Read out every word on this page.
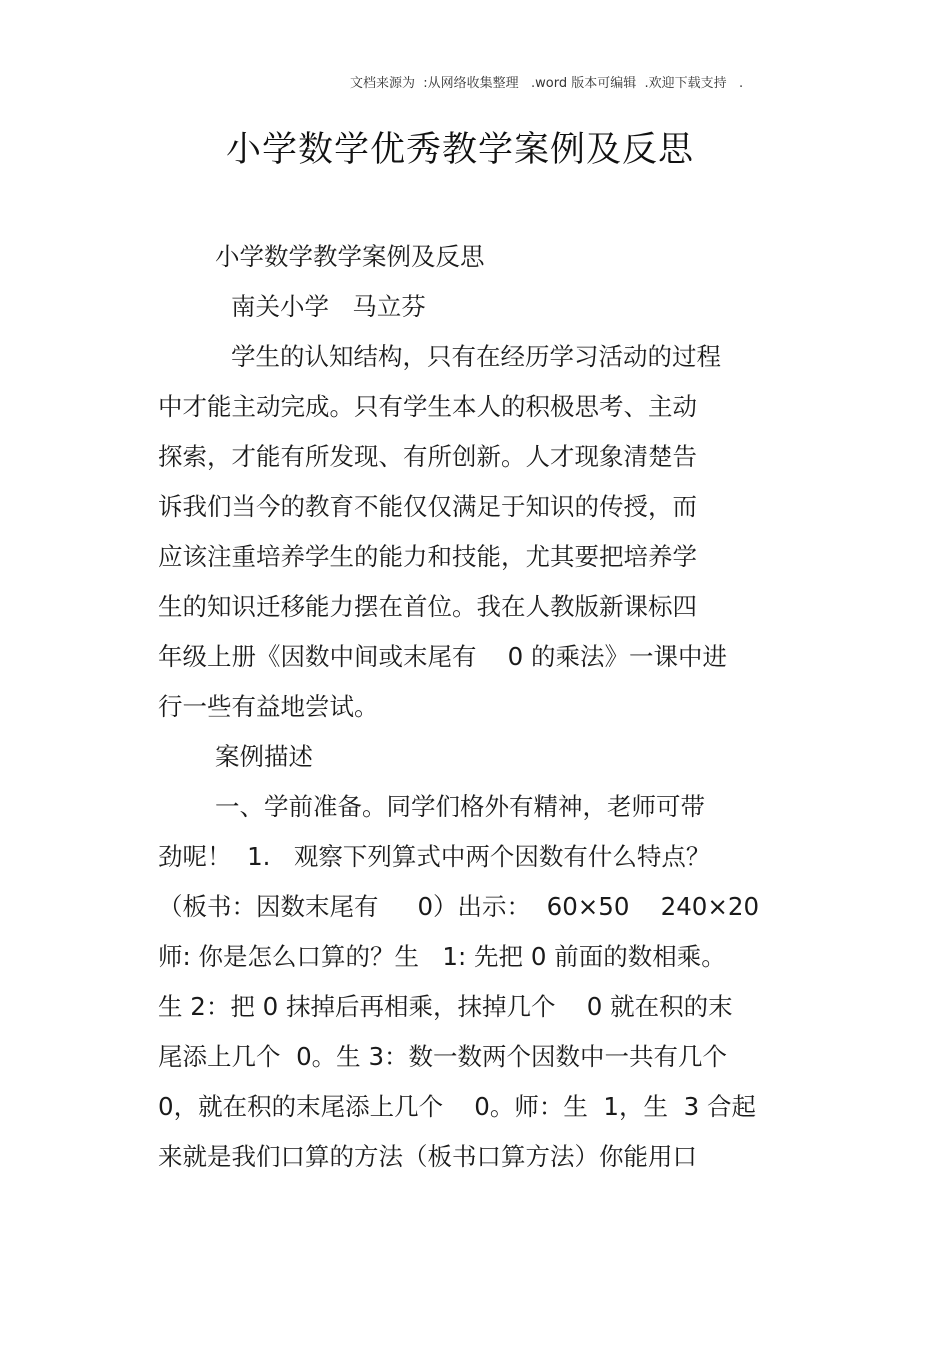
文档来源为  :从网络收集整理   .word 版本可编辑  .欢迎下载支持   .
小学数学优秀教学案例及反思
小学数学教学案例及反思
南关小学   马立芬
学生的认知结构，只有在经历学习活动的过程
中才能主动完成。只有学生本人的积极思考、主动
探索，才能有所发现、有所创新。人才现象清楚告
诉我们当今的教育不能仅仅满足于知识的传授，而
应该注重培养学生的能力和技能，尤其要把培养学
生的知识迁移能力摆在首位。我在人教版新课标四
年级上册《因数中间或末尾有    0 的乘法》一课中进
行一些有益地尝试。
案例描述
一、学前准备。同学们格外有精神，老师可带
劲呢！  1.   观察下列算式中两个因数有什么特点？
（板书：因数末尾有     0）出示：  60×50    240×20
师: 你是怎么口算的？生   1: 先把 0 前面的数相乘。
生 2：把 0 抹掉后再相乘，抹掉几个    0 就在积的末
尾添上几个  0。生 3：数一数两个因数中一共有几个
0，就在积的末尾添上几个    0。师：生  1，生  3 合起
来就是我们口算的方法（板书口算方法）你能用口
